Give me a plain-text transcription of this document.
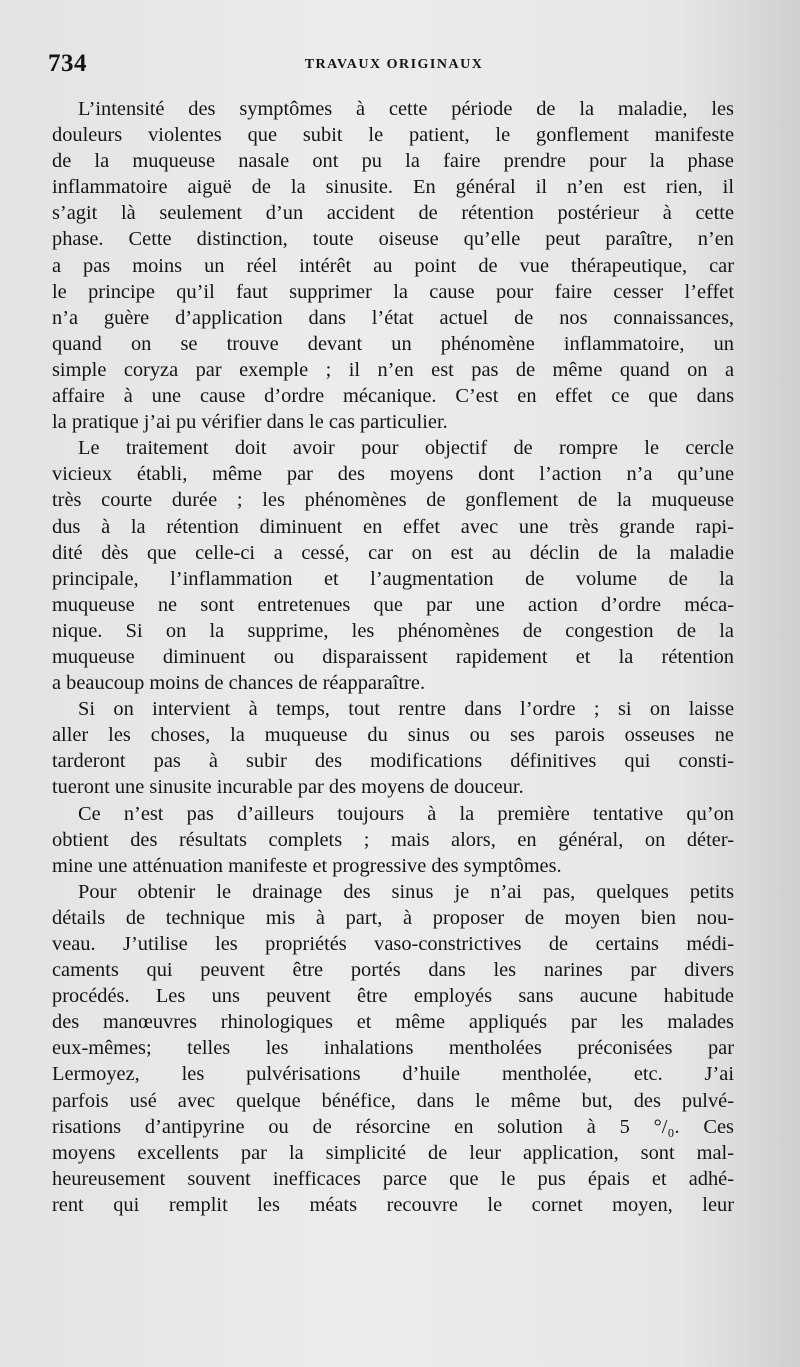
734	TRAVAUX ORIGINAUX

L’intensité des symptômes à cette période de la maladie, les
douleurs violentes que subit le patient, le gonflement manifeste
de la muqueuse nasale ont pu la faire prendre pour la phase
inflammatoire aiguë de la sinusite. En général il n’en est rien, il
s’agit là seulement d’un accident de rétention postérieur à cette
phase. Cette distinction, toute oiseuse qu’elle peut paraître, n’en
a pas moins un réel intérêt au point de vue thérapeutique, car
le principe qu’il faut supprimer la cause pour faire cesser l’effet
n’a guère d’application dans l’état actuel de nos connaissances,
quand on se trouve devant un phénomène inflammatoire, un
simple coryza par exemple ; il n’en est pas de même quand on a
affaire à une cause d’ordre mécanique. C’est en effet ce que dans
la pratique j’ai pu vérifier dans le cas particulier.

Le traitement doit avoir pour objectif de rompre le cercle
vicieux établi, même par des moyens dont l’action n’a qu’une
très courte durée ; les phénomènes de gonflement de la muqueuse
dus à la rétention diminuent en effet avec une très grande rapi-
dité dès que celle-ci a cessé, car on est au déclin de la maladie
principale, l’inflammation et l’augmentation de volume de la
muqueuse ne sont entretenues que par une action d’ordre méca-
nique. Si on la supprime, les phénomènes de congestion de la
muqueuse diminuent ou disparaissent rapidement et la rétention
a beaucoup moins de chances de réapparaître.

Si on intervient à temps, tout rentre dans l’ordre ; si on laisse
aller les choses, la muqueuse du sinus ou ses parois osseuses ne
tarderont pas à subir des modifications définitives qui consti-
tueront une sinusite incurable par des moyens de douceur.

Ce n’est pas d’ailleurs toujours à la première tentative qu’on
obtient des résultats complets ; mais alors, en général, on déter-
mine une atténuation manifeste et progressive des symptômes.

Pour obtenir le drainage des sinus je n’ai pas, quelques petits
détails de technique mis à part, à proposer de moyen bien nou-
veau. J’utilise les propriétés vaso-constrictives de certains médi-
caments qui peuvent être portés dans les narines par divers
procédés. Les uns peuvent être employés sans aucune habitude
des manœuvres rhinologiques et même appliqués par les malades
eux-mêmes; telles les inhalations mentholées préconisées par
Lermoyez, les pulvérisations d’huile mentholée, etc. J’ai
parfois usé avec quelque bénéfice, dans le même but, des pulvé-
risations d’antipyrine ou de résorcine en solution à 5 °/₀. Ces
moyens excellents par la simplicité de leur application, sont mal-
heureusement souvent inefficaces parce que le pus épais et adhé-
rent qui remplit les méats recouvre le cornet moyen, leur
